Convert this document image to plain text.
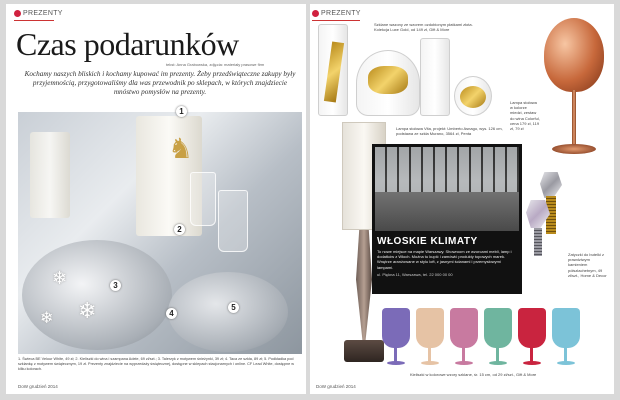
PREZENTY
Czas podarunków
tekst: Anna Grabowska, zdjęcia: materiały prasowe firm

Kochamy naszych bliskich i kochamy kupować im prezenty. Żeby przedświąteczne zakupy były przyjemnością, przygotowaliśmy dla was przewodnik po sklepach, w których znajdziecie mnóstwo pomysłów na prezenty.

♞
❄
❄
❄
1
2
3
4
5
1. Świeca BE Velour White, 49 zł; 2. Kieliszki do wina i szampana Adele, 69 zł/szt.; 3. Talerzyk z motywem śnieżynki, 39 zł; 4. Taca ze szkła, 89 zł; 5. Podkładka pod szklankę z motywem świątecznym, 19 zł. Prezenty znajdziecie na wyprzedaży świątecznej, dostępne w sklepach stacjonarnych i online. CF Lead White, dostępne w kilku kolorach.
DoW grudzień 2014
PREZENTY
Szklane wazony ze wzorem ozdobionym płatkami złota. Kolekcja Luxe Gold, od 149 zł, Gift & More
Lampa stołowa w kolorze miedzi, zestaw do wina Colorful, cena 179 zł, 119 zł, 79 zł
Lampa stołowa Vita, projekt: Umberto Asnago, wys. 126 cm, podstawa ze szkła Murano, 3564 zł, Penta
WŁOSKIE KLIMATY
To nowe miejsce na mapie Warszawy. Showroom ze wzorcami mebli, lamp i dodatków z Włoch. Można tu kupić i zamówić produkty topowych marek. Wnętrze aranżowane w stylu loft, z jasnymi ścianami i przemysłowymi lampami.
ul. Piękna 11, Warszawa, tel. 22 000 00 00
Zatyczki do butelki z prawdziwym kamieniem półszlachetnym, 49 zł/szt., Home & Decor
Kieliszki w kolorowe wzory szklane, śr. 15 cm, od 29 zł/szt., Gift & More
DoW grudzień 2014
